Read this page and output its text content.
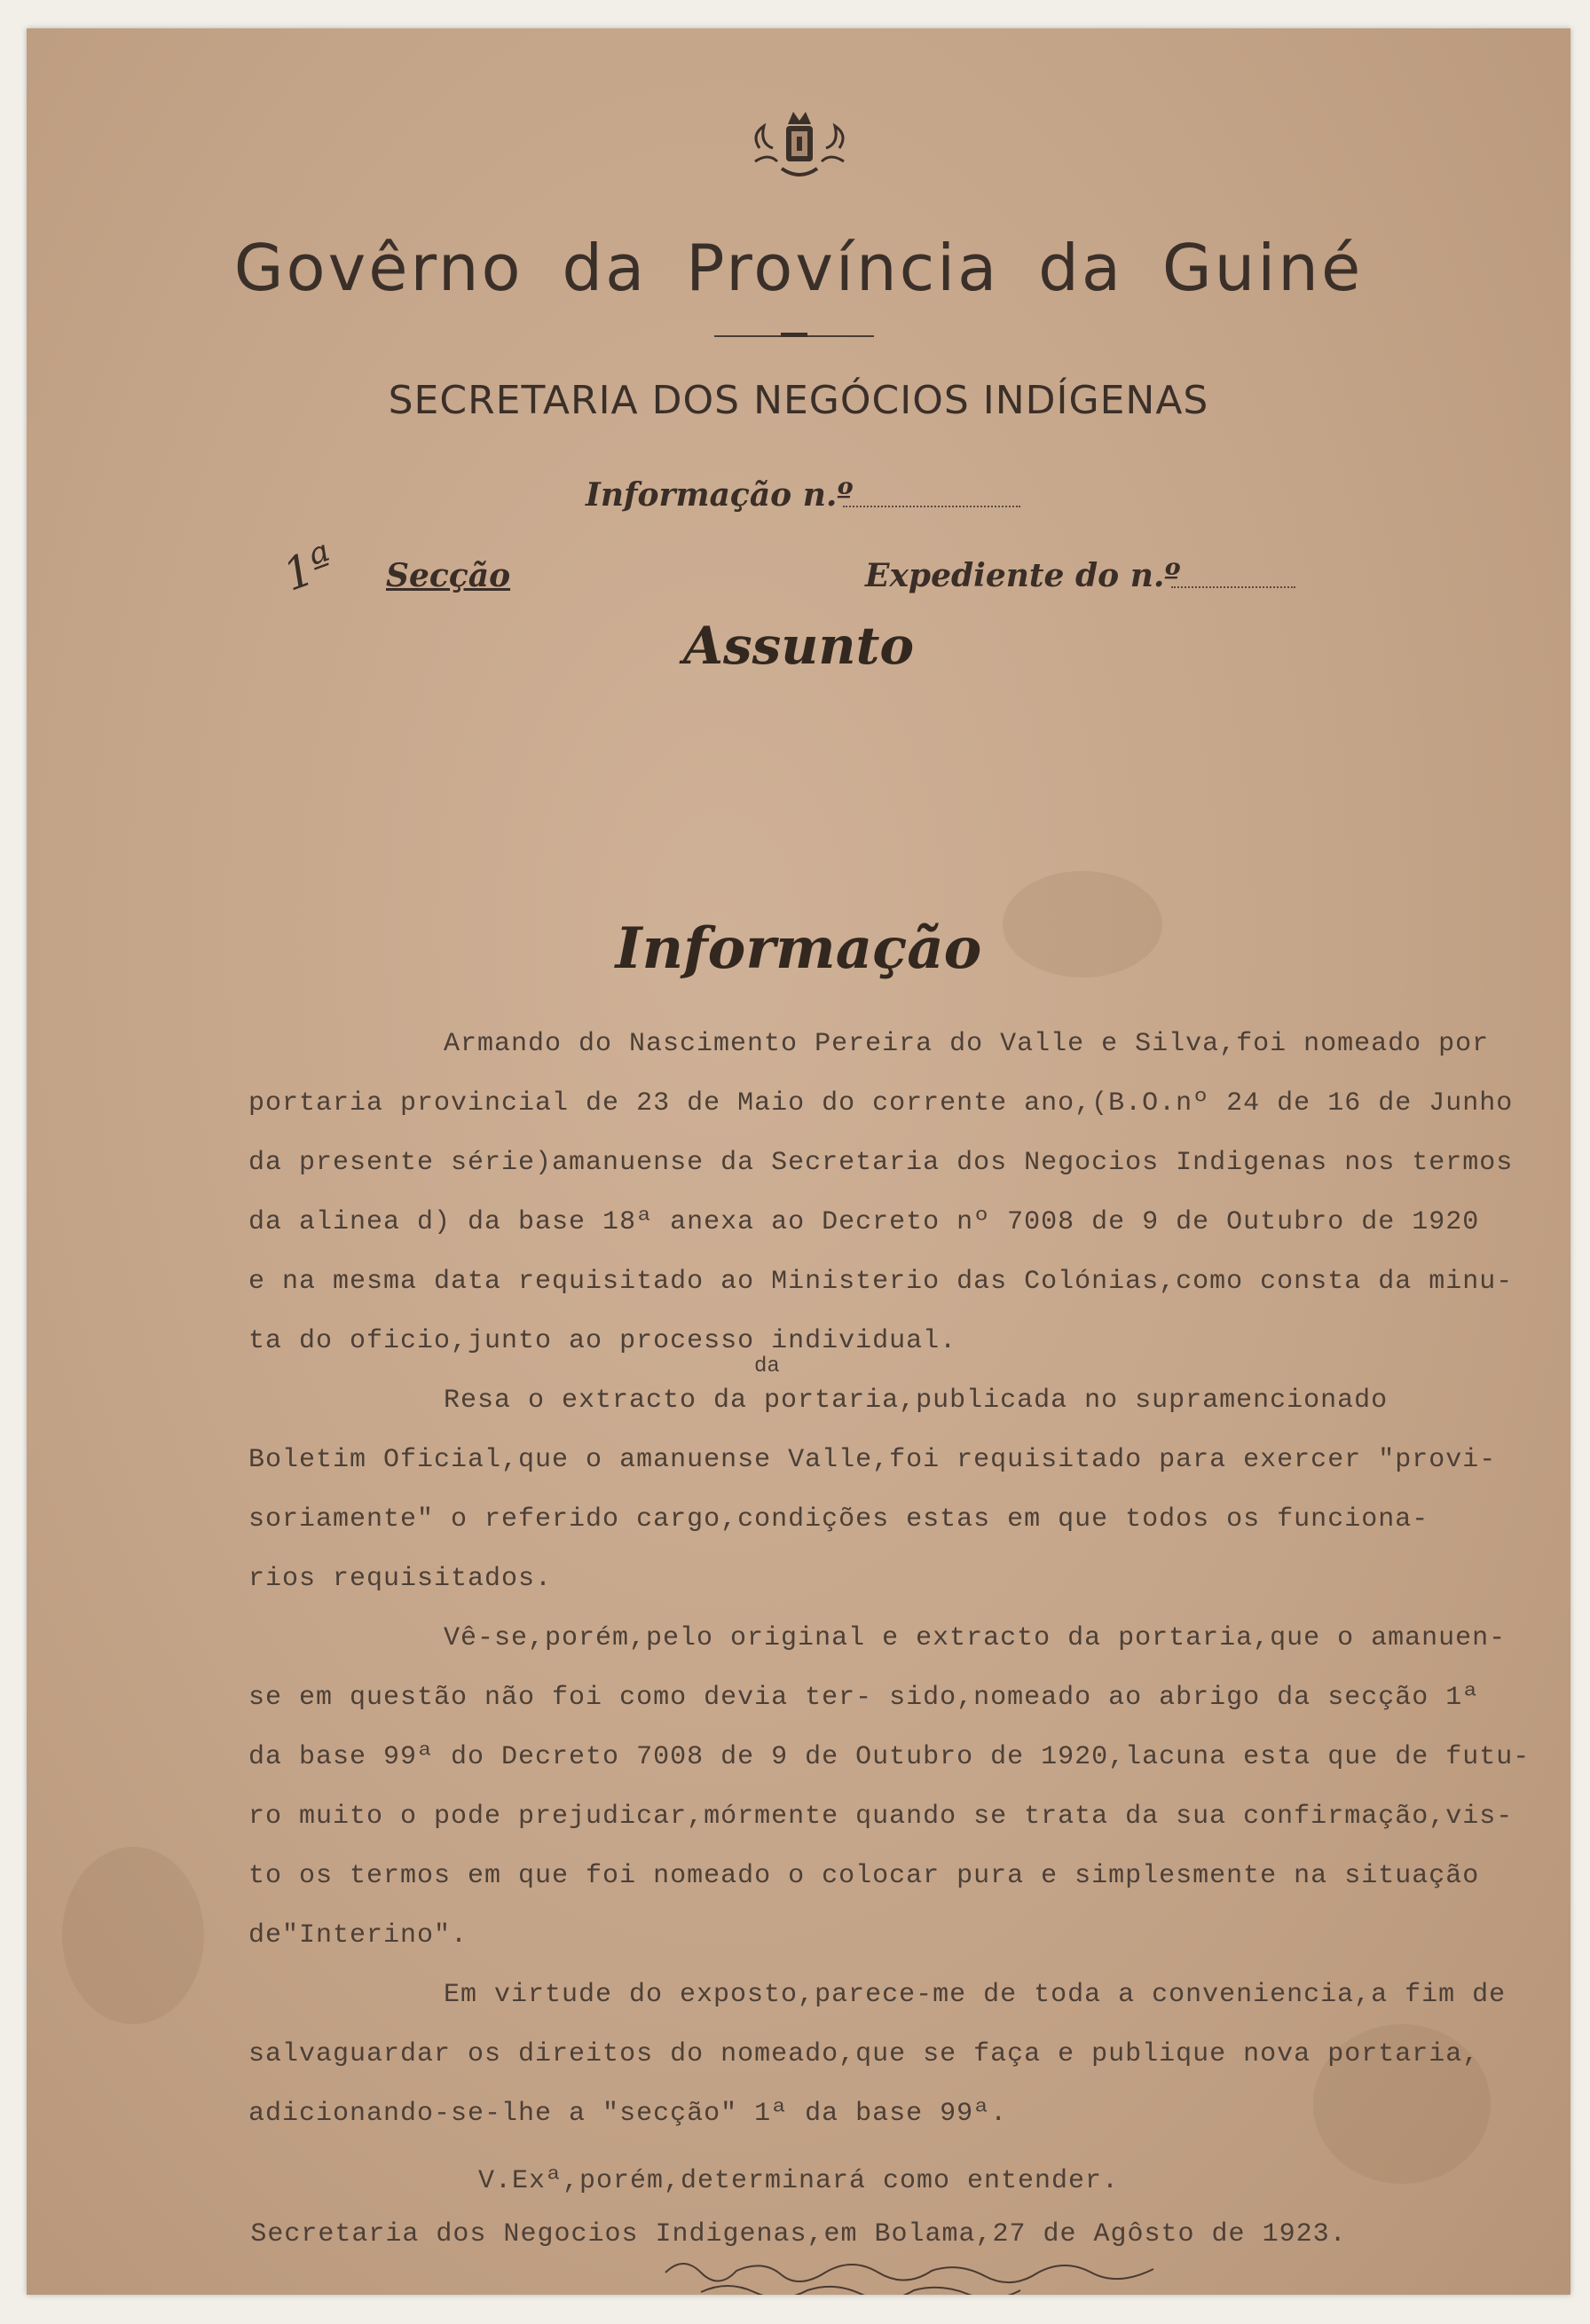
Govêrno da Província da Guiné
SECRETARIA DOS NEGÓCIOS INDÍGENAS
Informação n.º
1ª Secção	Expediente do n.º
Assunto
Informação
Armando do Nascimento Pereira do Valle e Silva,foi nomeado por
portaria provincial de 23 de Maio do corrente ano,(B.O.nº 24 de 16 de Junho
da presente série)amanuense da Secretaria dos Negocios Indigenas nos termos
da alinea d) da base 18ª anexa ao Decreto nº 7008 de 9 de Outubro de 1920
e na mesma data requisitado ao Ministerio das Colónias,como consta da minu-
ta do oficio,junto ao processo individual.
Resa o extracto da portaria,publicada no supramencionado
Boletim Oficial,que o amanuense Valle,foi requisitado para exercer "provi-
soriamente" o referido cargo,condições estas em que todos os funciona-
rios requisitados.
Vê-se,porém,pelo original e extracto da portaria,que o amanuen-
se em questão não foi como devia ter- sido,nomeado ao abrigo da secção 1ª
da base 99ª do Decreto 7008 de 9 de Outubro de 1920,lacuna esta que de futu-
ro muito o pode prejudicar,mórmente quando se trata da sua confirmação,vis-
to os termos em que foi nomeado o colocar pura e simplesmente na situação
de"Interino".
Em virtude do exposto,parece-me de toda a conveniencia,a fim de
salvaguardar os direitos do nomeado,que se faça e publique nova portaria,
adicionando-se-lhe a "secção" 1ª da base 99ª.
da
V.Exª,porém,determinará como entender.
Secretaria dos Negocios Indigenas,em Bolama,27 de Agôsto de 1923.
